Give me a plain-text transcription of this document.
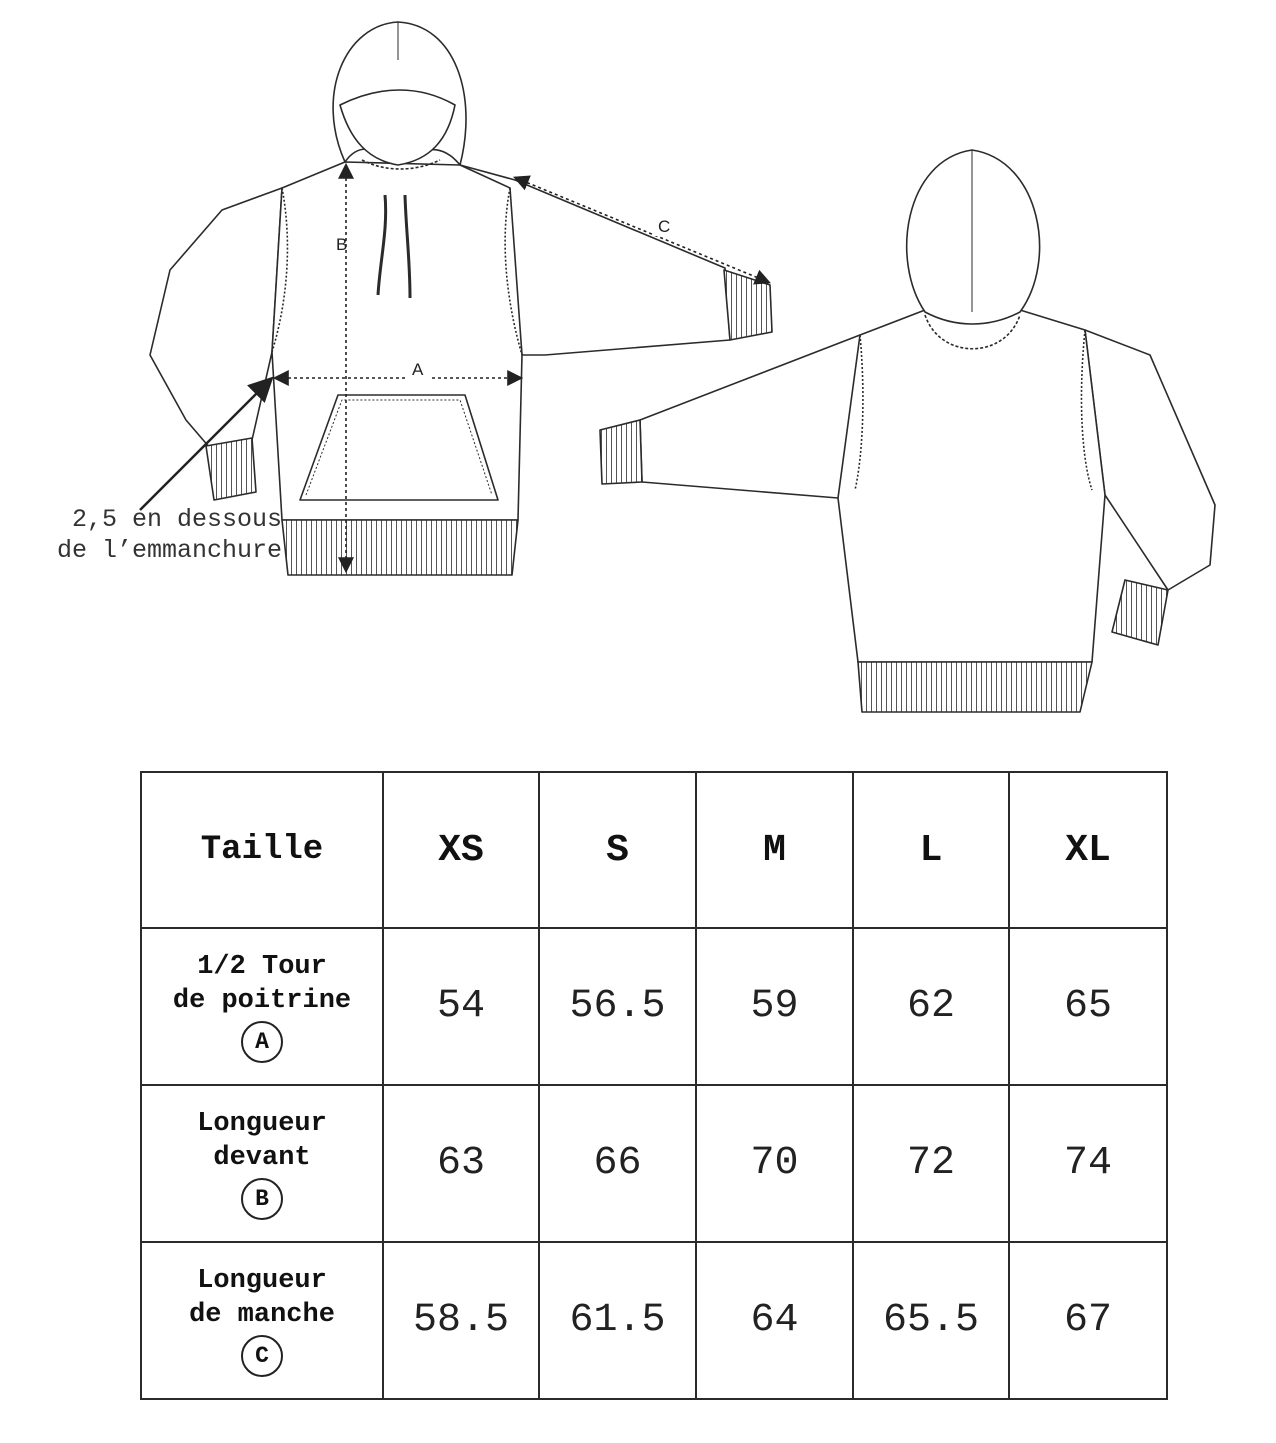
A
B
C
2,5 en dessous
de l’emmanchure
Taille	XS	S	M	L	XL

1/2 Tour
de poitrine
A	54	56.5	59	62	65

Longueur
devant
B	63	66	70	72	74

Longueur
de manche
C	58.5	61.5	64	65.5	67
